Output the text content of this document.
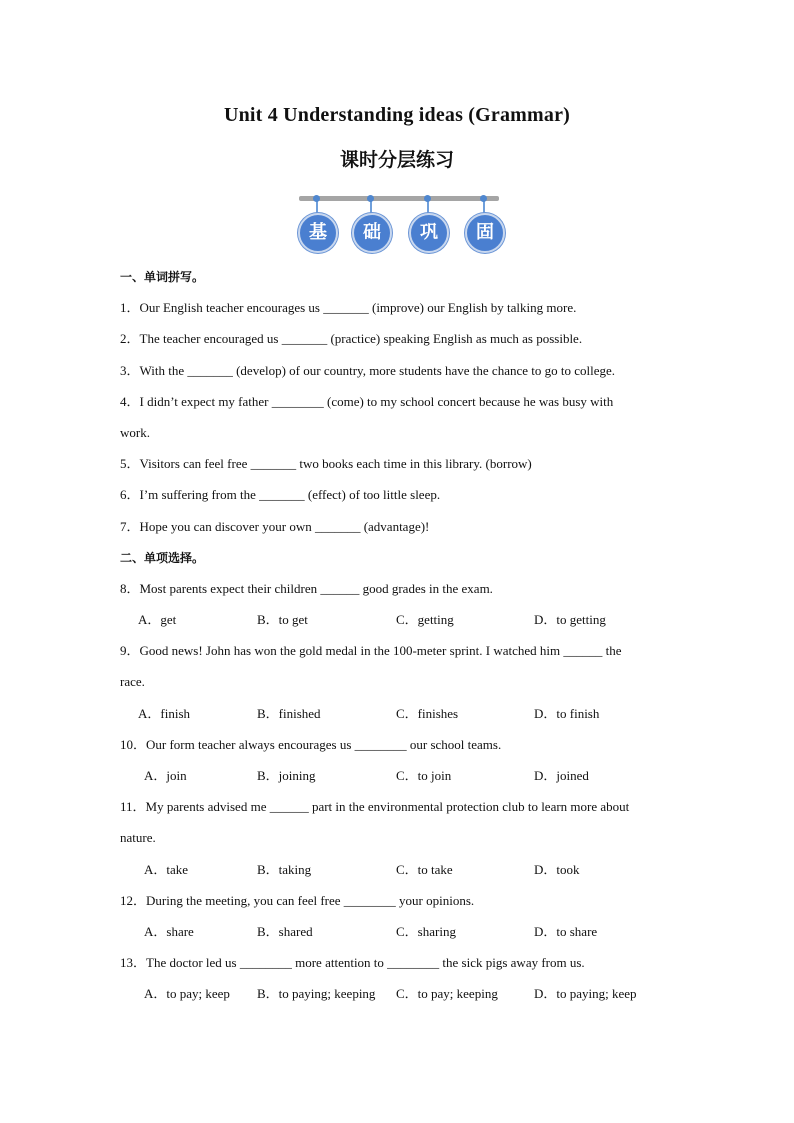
Unit 4 Understanding ideas (Grammar)
课时分层练习
基	础	巩	固
一、单词拼写。
1．Our English teacher encourages us _______ (improve) our English by talking more.
2．The teacher encouraged us _______ (practice) speaking English as much as possible.
3．With the _______ (develop) of our country, more students have the chance to go to college.
4．I didn’t expect my father ________ (come) to my school concert because he was busy with
work.
5．Visitors can feel free _______ two books each time in this library. (borrow)
6．I’m suffering from the _______ (effect) of too little sleep.
7．Hope you can discover your own _______ (advantage)!
二、单项选择。
8．Most parents expect their children ______ good grades in the exam.
A．get	B．to get	C．getting	D．to getting
9．Good news! John has won the gold medal in the 100-meter sprint. I watched him ______ the
race.
A．finish	B．finished	C．finishes	D．to finish
10．Our form teacher always encourages us ________ our school teams.
A．join	B．joining	C．to join	D．joined
11．My parents advised me ______ part in the environmental protection club to learn more about
nature.
A．take	B．taking	C．to take	D．took
12．During the meeting, you can feel free ________ your opinions.
A．share	B．shared	C．sharing	D．to share
13．The doctor led us ________ more attention to ________ the sick pigs away from us.
A．to pay; keep B．to paying; keeping C．to pay; keeping	D．to paying; keep
